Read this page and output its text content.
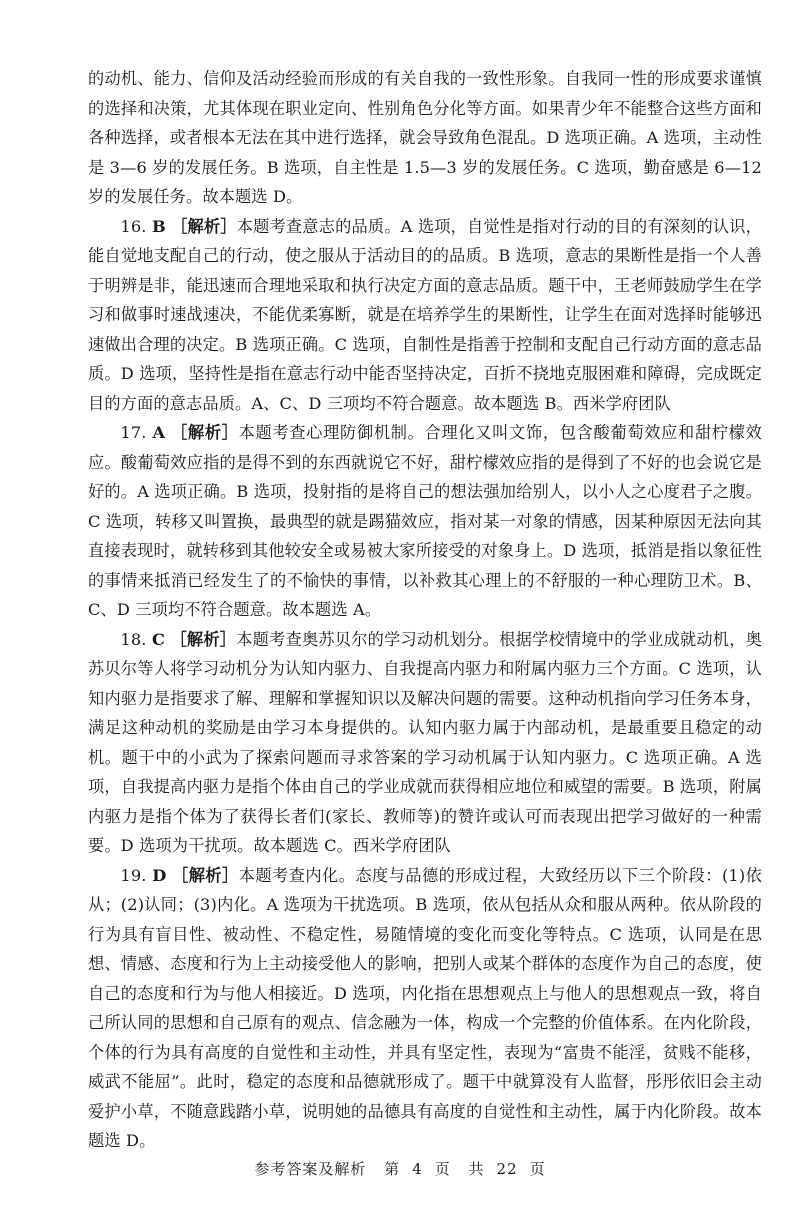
的动机、能力、信仰及活动经验而形成的有关自我的一致性形象。自我同一性的形成要求谨慎的选择和决策，尤其体现在职业定向、性别角色分化等方面。如果青少年不能整合这些方面和各种选择，或者根本无法在其中进行选择，就会导致角色混乱。D 选项正确。A 选项，主动性是 3—6 岁的发展任务。B 选项，自主性是 1.5—3 岁的发展任务。C 选项，勤奋感是 6—12 岁的发展任务。故本题选 D。

16. B ［解析］本题考查意志的品质。A 选项，自觉性是指对行动的目的有深刻的认识，能自觉地支配自己的行动，使之服从于活动目的的品质。B 选项，意志的果断性是指一个人善于明辨是非，能迅速而合理地采取和执行决定方面的意志品质。题干中，王老师鼓励学生在学习和做事时速战速决，不能优柔寡断，就是在培养学生的果断性，让学生在面对选择时能够迅速做出合理的决定。B 选项正确。C 选项，自制性是指善于控制和支配自己行动方面的意志品质。D 选项，坚持性是指在意志行动中能否坚持决定，百折不挠地克服困难和障碍，完成既定目的方面的意志品质。A、C、D 三项均不符合题意。故本题选 B。西米学府团队

17. A ［解析］本题考查心理防御机制。合理化又叫文饰，包含酸葡萄效应和甜柠檬效应。酸葡萄效应指的是得不到的东西就说它不好，甜柠檬效应指的是得到了不好的也会说它是好的。A 选项正确。B 选项，投射指的是将自己的想法强加给别人，以小人之心度君子之腹。C 选项，转移又叫置换，最典型的就是踢猫效应，指对某一对象的情感，因某种原因无法向其直接表现时，就转移到其他较安全或易被大家所接受的对象身上。D 选项，抵消是指以象征性的事情来抵消已经发生了的不愉快的事情，以补救其心理上的不舒服的一种心理防卫术。B、C、D 三项均不符合题意。故本题选 A。

18. C ［解析］本题考查奥苏贝尔的学习动机划分。根据学校情境中的学业成就动机，奥苏贝尔等人将学习动机分为认知内驱力、自我提高内驱力和附属内驱力三个方面。C 选项，认知内驱力是指要求了解、理解和掌握知识以及解决问题的需要。这种动机指向学习任务本身，满足这种动机的奖励是由学习本身提供的。认知内驱力属于内部动机，是最重要且稳定的动机。题干中的小武为了探索问题而寻求答案的学习动机属于认知内驱力。C 选项正确。A 选项，自我提高内驱力是指个体由自己的学业成就而获得相应地位和威望的需要。B 选项，附属内驱力是指个体为了获得长者们(家长、教师等)的赞许或认可而表现出把学习做好的一种需要。D 选项为干扰项。故本题选 C。西米学府团队

19. D ［解析］本题考查内化。态度与品德的形成过程，大致经历以下三个阶段：(1)依从；(2)认同；(3)内化。A 选项为干扰选项。B 选项，依从包括从众和服从两种。依从阶段的行为具有盲目性、被动性、不稳定性，易随情境的变化而变化等特点。C 选项，认同是在思想、情感、态度和行为上主动接受他人的影响，把别人或某个群体的态度作为自己的态度，使自己的态度和行为与他人相接近。D 选项，内化指在思想观点上与他人的思想观点一致，将自己所认同的思想和自己原有的观点、信念融为一体，构成一个完整的价值体系。在内化阶段，个体的行为具有高度的自觉性和主动性，并具有坚定性，表现为“富贵不能淫，贫贱不能移，威武不能屈”。此时，稳定的态度和品德就形成了。题干中就算没有人监督，彤彤依旧会主动爱护小草，不随意践踏小草，说明她的品德具有高度的自觉性和主动性，属于内化阶段。故本题选 D。

参考答案及解析 第 4 页 共 22 页
